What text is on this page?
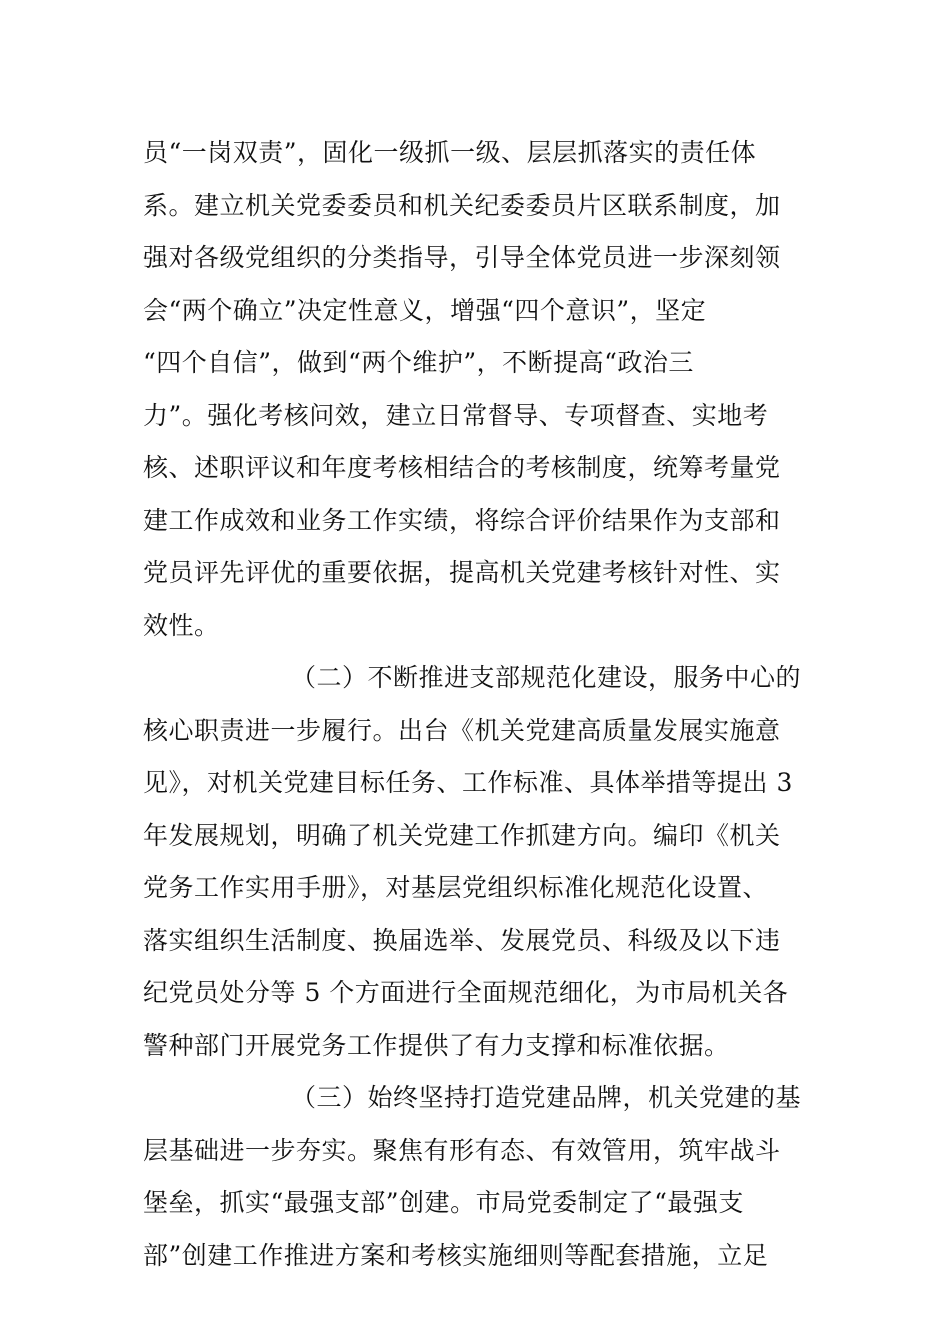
员“一岗双责”，固化一级抓一级、层层抓落实的责任体
系。建立机关党委委员和机关纪委委员片区联系制度，加
强对各级党组织的分类指导，引导全体党员进一步深刻领
会“两个确立”决定性意义，增强“四个意识”，坚定
“四个自信”，做到“两个维护”，不断提高“政治三
力”。强化考核问效，建立日常督导、专项督查、实地考
核、述职评议和年度考核相结合的考核制度，统筹考量党
建工作成效和业务工作实绩，将综合评价结果作为支部和
党员评先评优的重要依据，提高机关党建考核针对性、实
效性。
（二）不断推进支部规范化建设，服务中心的
核心职责进一步履行。出台《机关党建高质量发展实施意
见》，对机关党建目标任务、工作标准、具体举措等提出 3
年发展规划，明确了机关党建工作抓建方向。编印《机关
党务工作实用手册》，对基层党组织标准化规范化设置、
落实组织生活制度、换届选举、发展党员、科级及以下违
纪党员处分等 5 个方面进行全面规范细化，为市局机关各
警种部门开展党务工作提供了有力支撑和标准依据。
（三）始终坚持打造党建品牌，机关党建的基
层基础进一步夯实。聚焦有形有态、有效管用，筑牢战斗
堡垒，抓实“最强支部”创建。市局党委制定了“最强支
部”创建工作推进方案和考核实施细则等配套措施，立足
